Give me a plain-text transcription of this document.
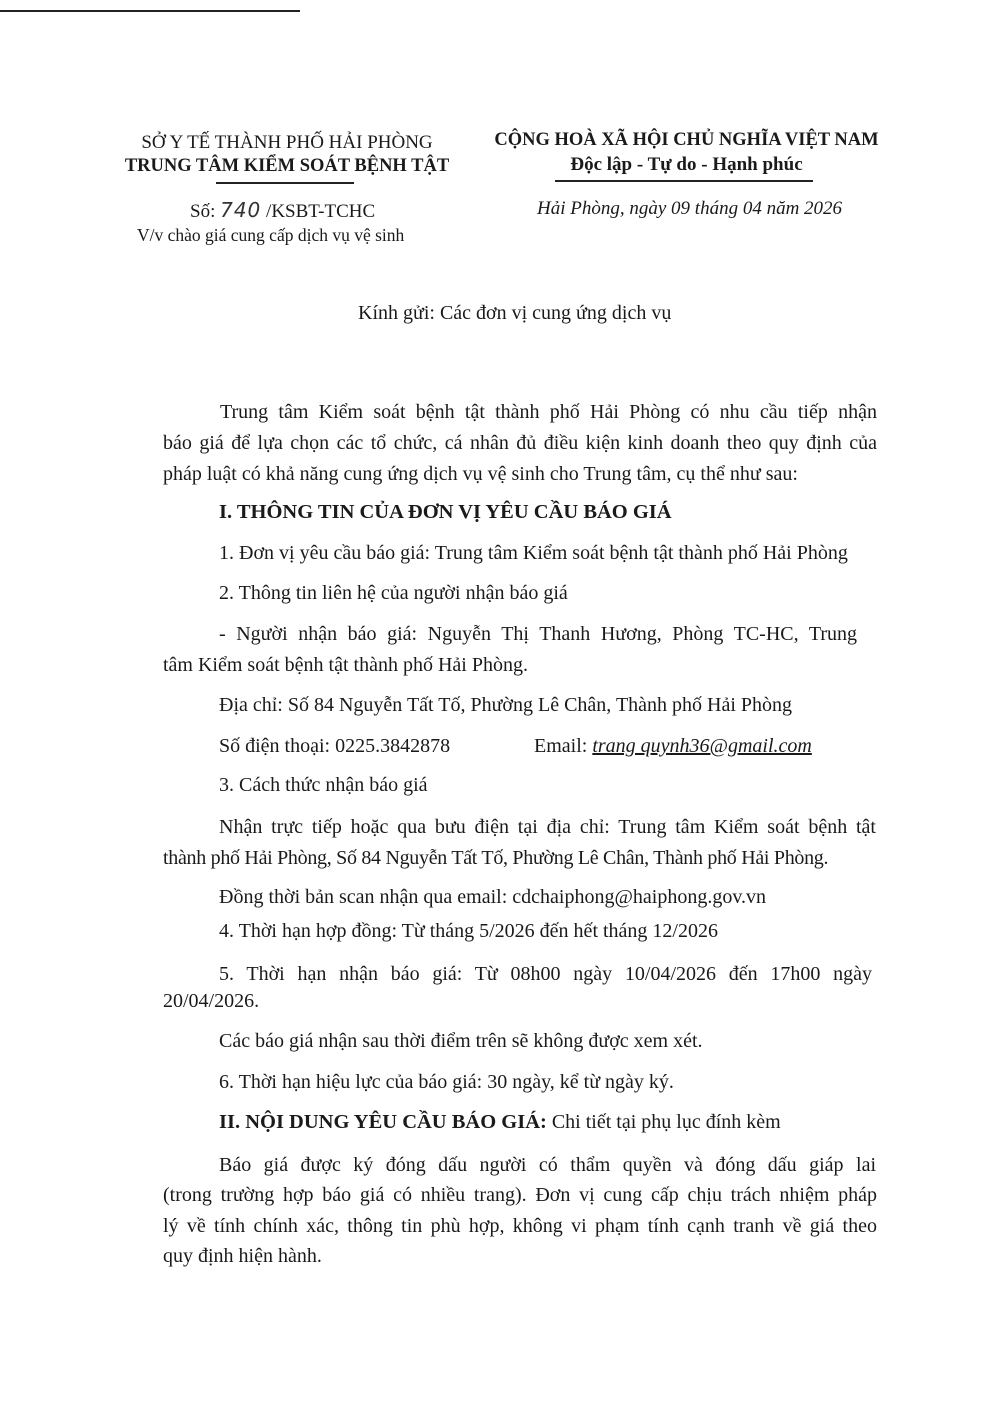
SỞ Y TẾ THÀNH PHỐ HẢI PHÒNG
TRUNG TÂM KIỂM SOÁT BỆNH TẬT
CỘNG HOÀ XÃ HỘI CHỦ NGHĨA VIỆT NAM
Độc lập - Tự do - Hạnh phúc
Số: 740 /KSBT-TCHC
V/v chào giá cung cấp dịch vụ vệ sinh
Hải Phòng, ngày 09 tháng 04 năm 2026
Kính gửi: Các đơn vị cung ứng dịch vụ
Trung tâm Kiểm soát bệnh tật thành phố Hải Phòng có nhu cầu tiếp nhận
báo giá để lựa chọn các tổ chức, cá nhân đủ điều kiện kinh doanh theo quy định của
pháp luật có khả năng cung ứng dịch vụ vệ sinh cho Trung tâm, cụ thể như sau:
I. THÔNG TIN CỦA ĐƠN VỊ YÊU CẦU BÁO GIÁ
1. Đơn vị yêu cầu báo giá: Trung tâm Kiểm soát bệnh tật thành phố Hải Phòng
2. Thông tin liên hệ của người nhận báo giá
- Người nhận báo giá: Nguyễn Thị Thanh Hương, Phòng TC-HC, Trung
tâm Kiểm soát bệnh tật thành phố Hải Phòng.
Địa chỉ: Số 84 Nguyễn Tất Tố, Phường Lê Chân, Thành phố Hải Phòng
Số điện thoại: 0225.3842878	Email: trang quynh36@gmail.com
3. Cách thức nhận báo giá
Nhận trực tiếp hoặc qua bưu điện tại địa chỉ: Trung tâm Kiểm soát bệnh tật
thành phố Hải Phòng, Số 84 Nguyễn Tất Tố, Phường Lê Chân, Thành phố Hải Phòng.
Đồng thời bản scan nhận qua email: cdchaiphong@haiphong.gov.vn
4. Thời hạn hợp đồng: Từ tháng 5/2026 đến hết tháng 12/2026
5. Thời hạn nhận báo giá: Từ 08h00 ngày 10/04/2026 đến 17h00 ngày
20/04/2026.
Các báo giá nhận sau thời điểm trên sẽ không được xem xét.
6. Thời hạn hiệu lực của báo giá: 30 ngày, kể từ ngày ký.
II. NỘI DUNG YÊU CẦU BÁO GIÁ: Chi tiết tại phụ lục đính kèm
Báo giá được ký đóng dấu người có thẩm quyền và đóng dấu giáp lai
(trong trường hợp báo giá có nhiều trang). Đơn vị cung cấp chịu trách nhiệm pháp
lý về tính chính xác, thông tin phù hợp, không vi phạm tính cạnh tranh về giá theo
quy định hiện hành.
